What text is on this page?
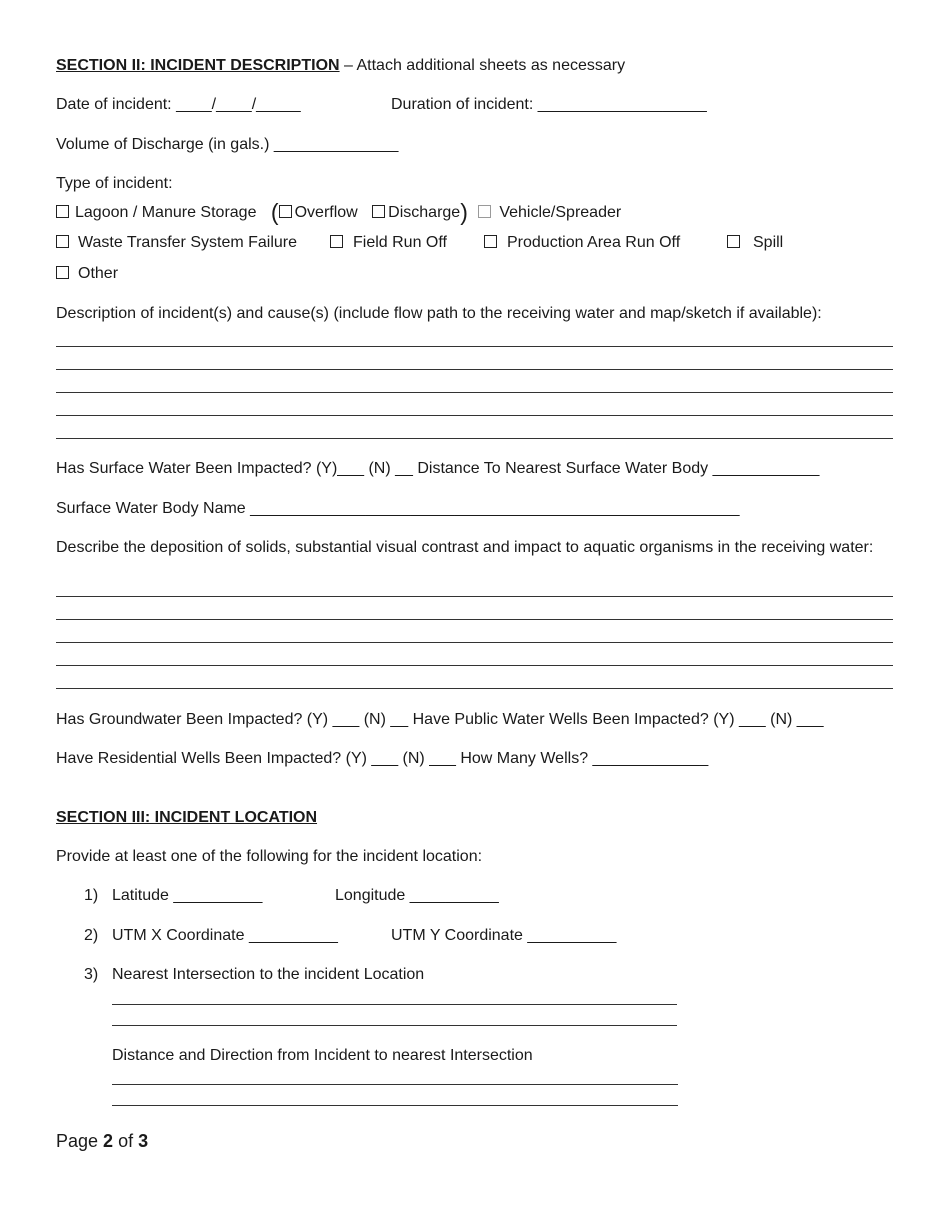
SECTION II: INCIDENT DESCRIPTION – Attach additional sheets as necessary
Date of incident: ____/____/_____	Duration of incident: ___________________
Volume of Discharge (in gals.) ______________
Type of incident:
Lagoon / Manure Storage ( Overflow Discharge) Vehicle/Spreader
Waste Transfer System Failure	Field Run Off	Production Area Run Off	Spill
Other
Description of incident(s) and cause(s) (include flow path to the receiving water and map/sketch if available):
Has Surface Water Been Impacted? (Y)___ (N) __ Distance To Nearest Surface Water Body ____________
Surface Water Body Name _______________________________________________________
Describe the deposition of solids, substantial visual contrast and impact to aquatic organisms in the receiving water:
Has Groundwater Been Impacted? (Y) ___ (N) __ Have Public Water Wells Been Impacted? (Y) ___ (N) ___
Have Residential Wells Been Impacted? (Y) ___ (N) ___ How Many Wells? _____________
SECTION III: INCIDENT LOCATION
Provide at least one of the following for the incident location:
1) Latitude __________	Longitude __________
2) UTM X Coordinate __________	UTM Y Coordinate __________
3) Nearest Intersection to the incident Location
Distance and Direction from Incident to nearest Intersection
Page 2 of 3
